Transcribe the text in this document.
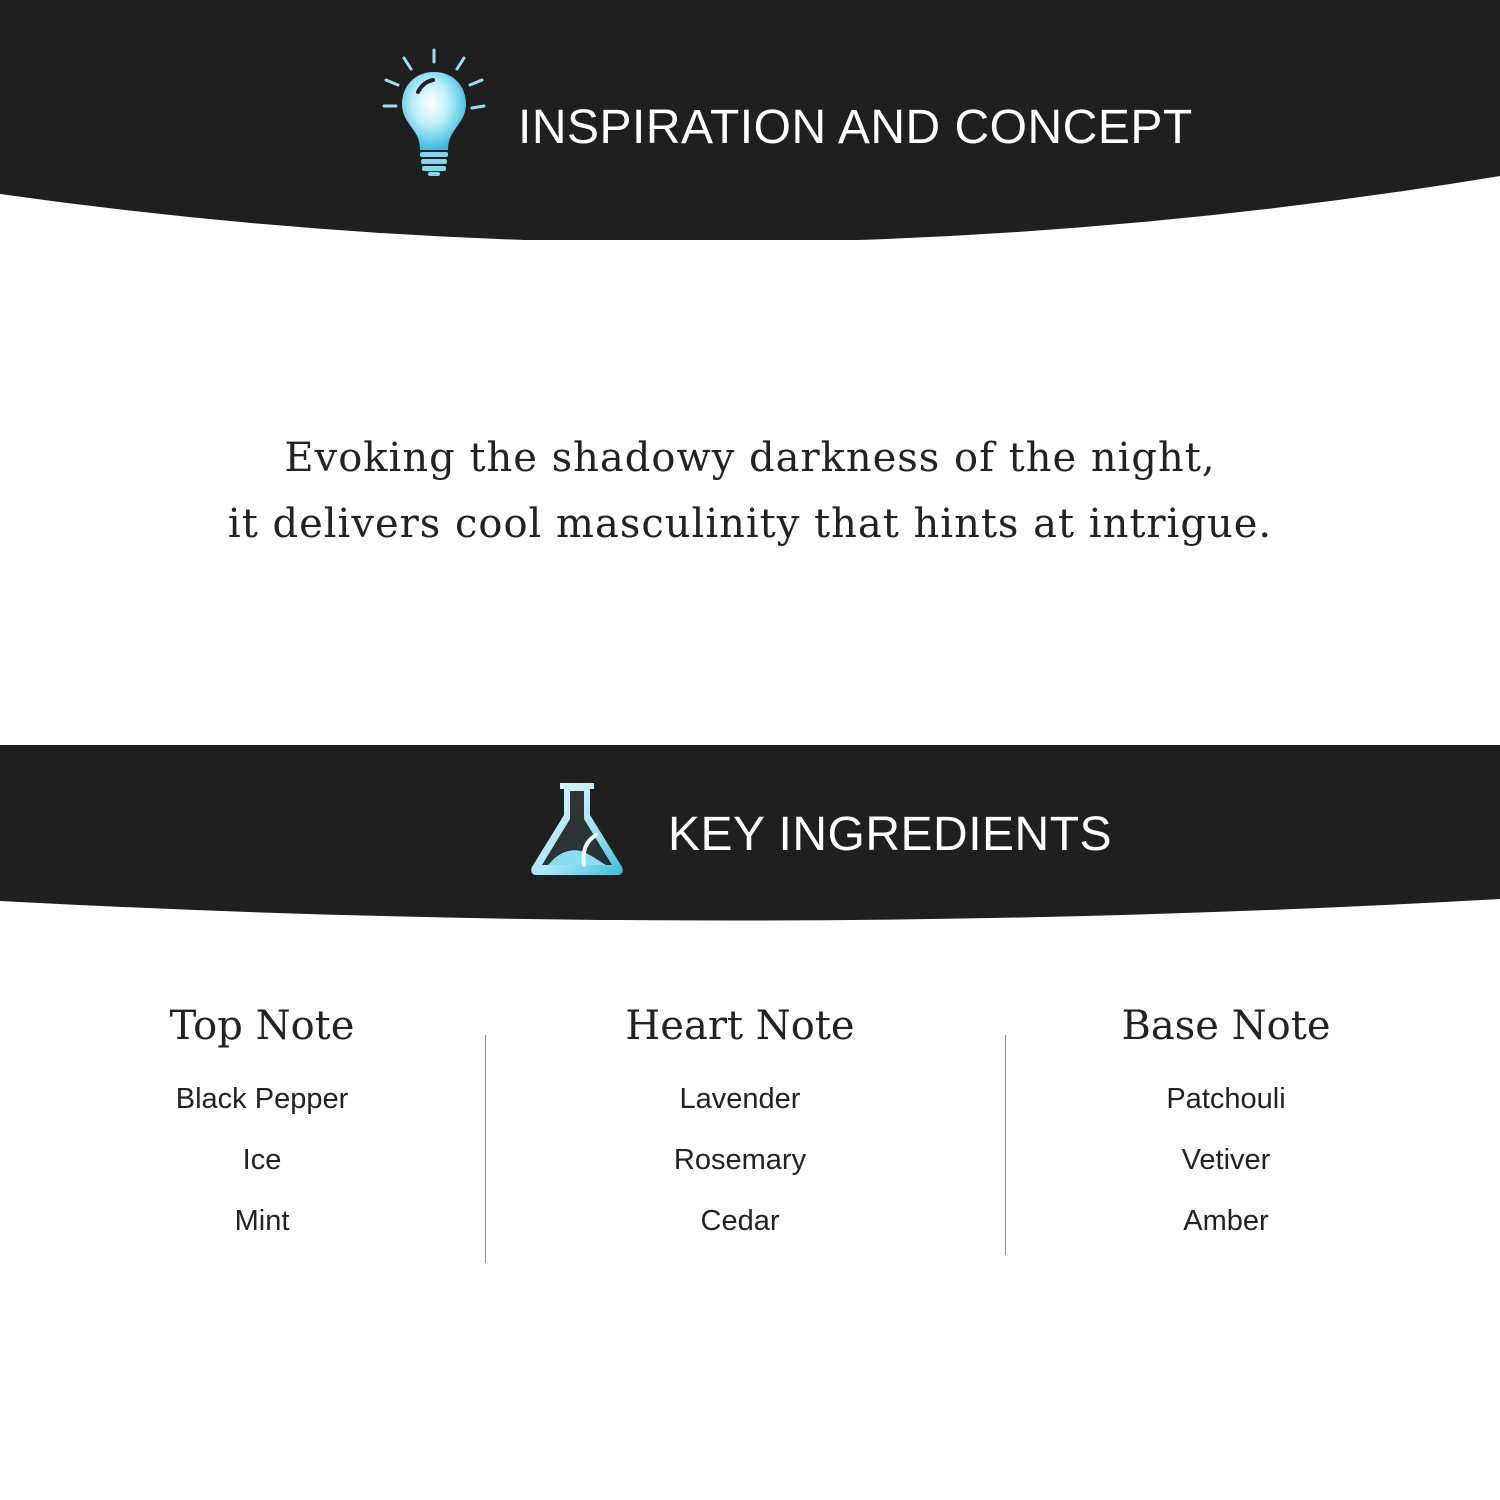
INSPIRATION AND CONCEPT
Evoking the shadowy darkness of the night,
it delivers cool masculinity that hints at intrigue.
KEY INGREDIENTS
Top Note
Black Pepper
Ice
Mint
Heart Note
Lavender
Rosemary
Cedar
Base Note
Patchouli
Vetiver
Amber
